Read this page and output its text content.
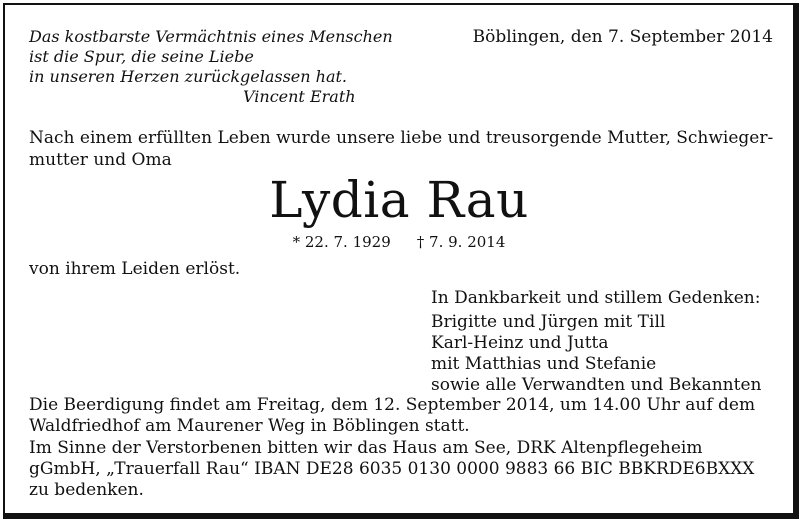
Das kostbarste Vermächtnis eines Menschen
ist die Spur, die seine Liebe
in unseren Herzen zurückgelassen hat.
Vincent Erath
Böblingen, den 7. September 2014
Nach einem erfüllten Leben wurde unsere liebe und treusorgende Mutter, Schwieger-mutter und Oma
Lydia Rau
* 22. 7. 1929 † 7. 9. 2014
von ihrem Leiden erlöst.
In Dankbarkeit und stillem Gedenken:
Brigitte und Jürgen mit Till
Karl-Heinz und Jutta
mit Matthias und Stefanie
sowie alle Verwandten und Bekannten
Die Beerdigung findet am Freitag, dem 12. September 2014, um 14.00 Uhr auf dem Waldfriedhof am Maurener Weg in Böblingen statt.
Im Sinne der Verstorbenen bitten wir das Haus am See, DRK Altenpflegeheim gGmbH, „Trauerfall Rau“ IBAN DE28 6035 0130 0000 9883 66 BIC BBKRDE6BXXX zu bedenken.
